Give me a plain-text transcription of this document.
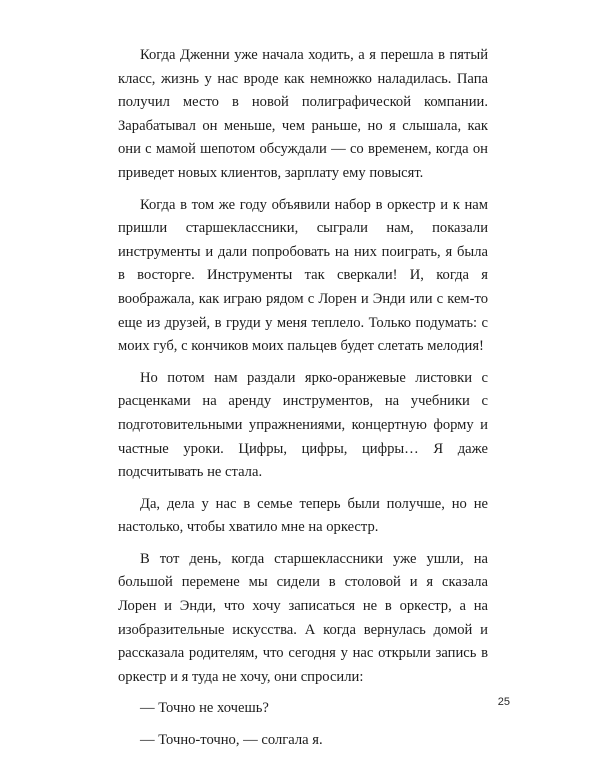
Когда Дженни уже начала ходить, а я перешла в пятый класс, жизнь у нас вроде как немножко наладилась. Папа получил место в новой полиграфической компании. Зарабатывал он меньше, чем раньше, но я слышала, как они с мамой шепотом обсуждали — со временем, когда он приведет новых клиентов, зарплату ему повысят.

Когда в том же году объявили набор в оркестр и к нам пришли старшеклассники, сыграли нам, показали инструменты и дали попробовать на них поиграть, я была в восторге. Инструменты так сверкали! И, когда я воображала, как играю рядом с Лорен и Энди или с кем-то еще из друзей, в груди у меня теплело. Только подумать: с моих губ, с кончиков моих пальцев будет слетать мелодия!

Но потом нам раздали ярко-оранжевые листовки с расценками на аренду инструментов, на учебники с подготовительными упражнениями, концертную форму и частные уроки. Цифры, цифры, цифры… Я даже подсчитывать не стала.

Да, дела у нас в семье теперь были получше, но не настолько, чтобы хватило мне на оркестр.

В тот день, когда старшеклассники уже ушли, на большой перемене мы сидели в столовой и я сказала Лорен и Энди, что хочу записаться не в оркестр, а на изобразительные искусства. А когда вернулась домой и рассказала родителям, что сегодня у нас открыли запись в оркестр и я туда не хочу, они спросили:

— Точно не хочешь?

— Точно-точно, — солгала я.

25
